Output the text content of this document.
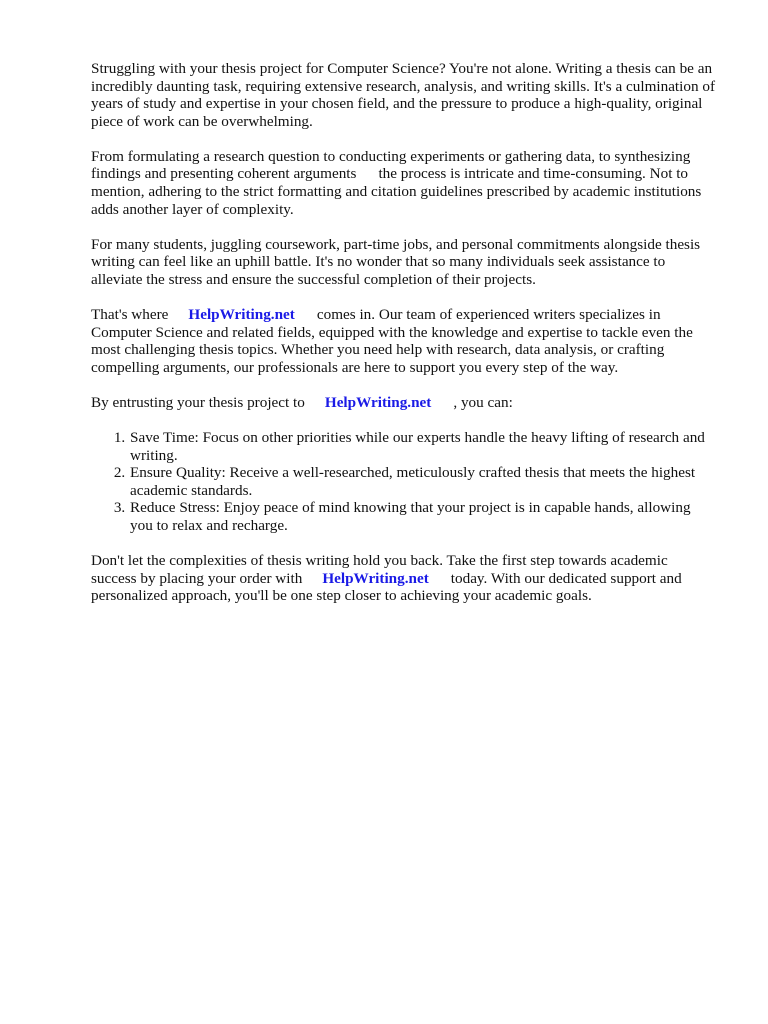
Struggling with your thesis project for Computer Science? You're not alone. Writing a thesis can be an incredibly daunting task, requiring extensive research, analysis, and writing skills. It's a culmination of years of study and expertise in your chosen field, and the pressure to produce a high-quality, original piece of work can be overwhelming.

From formulating a research question to conducting experiments or gathering data, to synthesizing findings and presenting coherent arguments the process is intricate and time-consuming. Not to mention, adhering to the strict formatting and citation guidelines prescribed by academic institutions adds another layer of complexity.

For many students, juggling coursework, part-time jobs, and personal commitments alongside thesis writing can feel like an uphill battle. It's no wonder that so many individuals seek assistance to alleviate the stress and ensure the successful completion of their projects.

That's where HelpWriting.net comes in. Our team of experienced writers specializes in Computer Science and related fields, equipped with the knowledge and expertise to tackle even the most challenging thesis topics. Whether you need help with research, data analysis, or crafting compelling arguments, our professionals are here to support you every step of the way.

By entrusting your thesis project to HelpWriting.net , you can:

1. Save Time: Focus on other priorities while our experts handle the heavy lifting of research and writing.
2. Ensure Quality: Receive a well-researched, meticulously crafted thesis that meets the highest academic standards.
3. Reduce Stress: Enjoy peace of mind knowing that your project is in capable hands, allowing you to relax and recharge.

Don't let the complexities of thesis writing hold you back. Take the first step towards academic success by placing your order with HelpWriting.net today. With our dedicated support and personalized approach, you'll be one step closer to achieving your academic goals.
